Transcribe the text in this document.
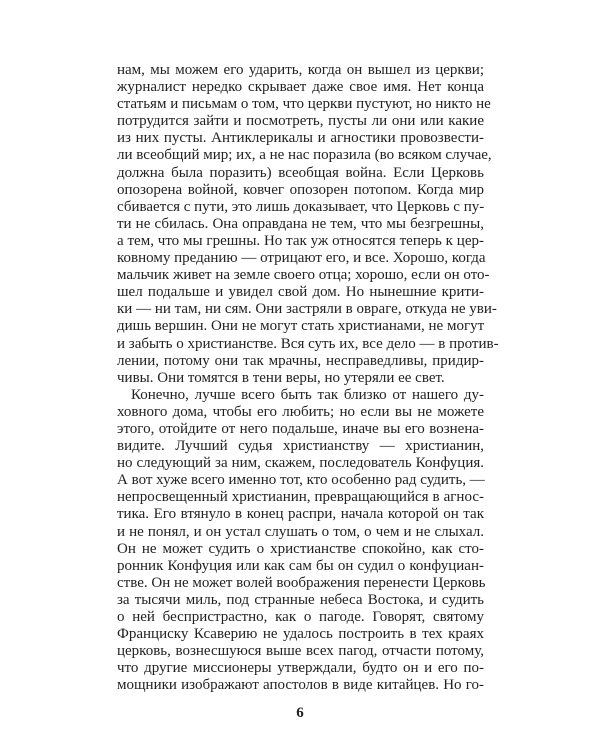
нам, мы можем его ударить, когда он вышел из церкви;
журналист нередко скрывает даже свое имя. Нет конца
статьям и письмам о том, что церкви пустуют, но никто не
потрудится зайти и посмотреть, пусты ли они или какие
из них пусты. Антиклерикалы и агностики провозвести-
ли всеобщий мир; их, а не нас поразила (во всяком случае,
должна была поразить) всеобщая война. Если Церковь
опозорена войной, ковчег опозорен потопом. Когда мир
сбивается с пути, это лишь доказывает, что Церковь с пу-
ти не сбилась. Она оправдана не тем, что мы безгрешны,
а тем, что мы грешны. Но так уж относятся теперь к цер-
ковному преданию — отрицают его, и все. Хорошо, когда
мальчик живет на земле своего отца; хорошо, если он ото-
шел подальше и увидел свой дом. Но нынешние крити-
ки — ни там, ни сям. Они застряли в овраге, откуда не уви-
дишь вершин. Они не могут стать христианами, не могут
и забыть о христианстве. Вся суть их, все дело — в против-
лении, потому они так мрачны, несправедливы, придир-
чивы. Они томятся в тени веры, но утеряли ее свет.
Конечно, лучше всего быть так близко от нашего ду-
ховного дома, чтобы его любить; но если вы не можете
этого, отойдите от него подальше, иначе вы его вознена-
видите. Лучший судья христианству — христианин,
но следующий за ним, скажем, последователь Конфуция.
А вот хуже всего именно тот, кто особенно рад судить, —
непросвещенный христианин, превращающийся в агнос-
тика. Его втянуло в конец распри, начала которой он так
и не понял, и он устал слушать о том, о чем и не слыхал.
Он не может судить о христианстве спокойно, как сто-
ронник Конфуция или как сам бы он судил о конфуциан-
стве. Он не может волей воображения перенести Церковь
за тысячи миль, под странные небеса Востока, и судить
о ней беспристрастно, как о пагоде. Говорят, святому
Франциску Ксаверию не удалось построить в тех краях
церковь, вознесшуюся выше всех пагод, отчасти потому,
что другие миссионеры утверждали, будто он и его по-
мощники изображают апостолов в виде китайцев. Но го-
6
